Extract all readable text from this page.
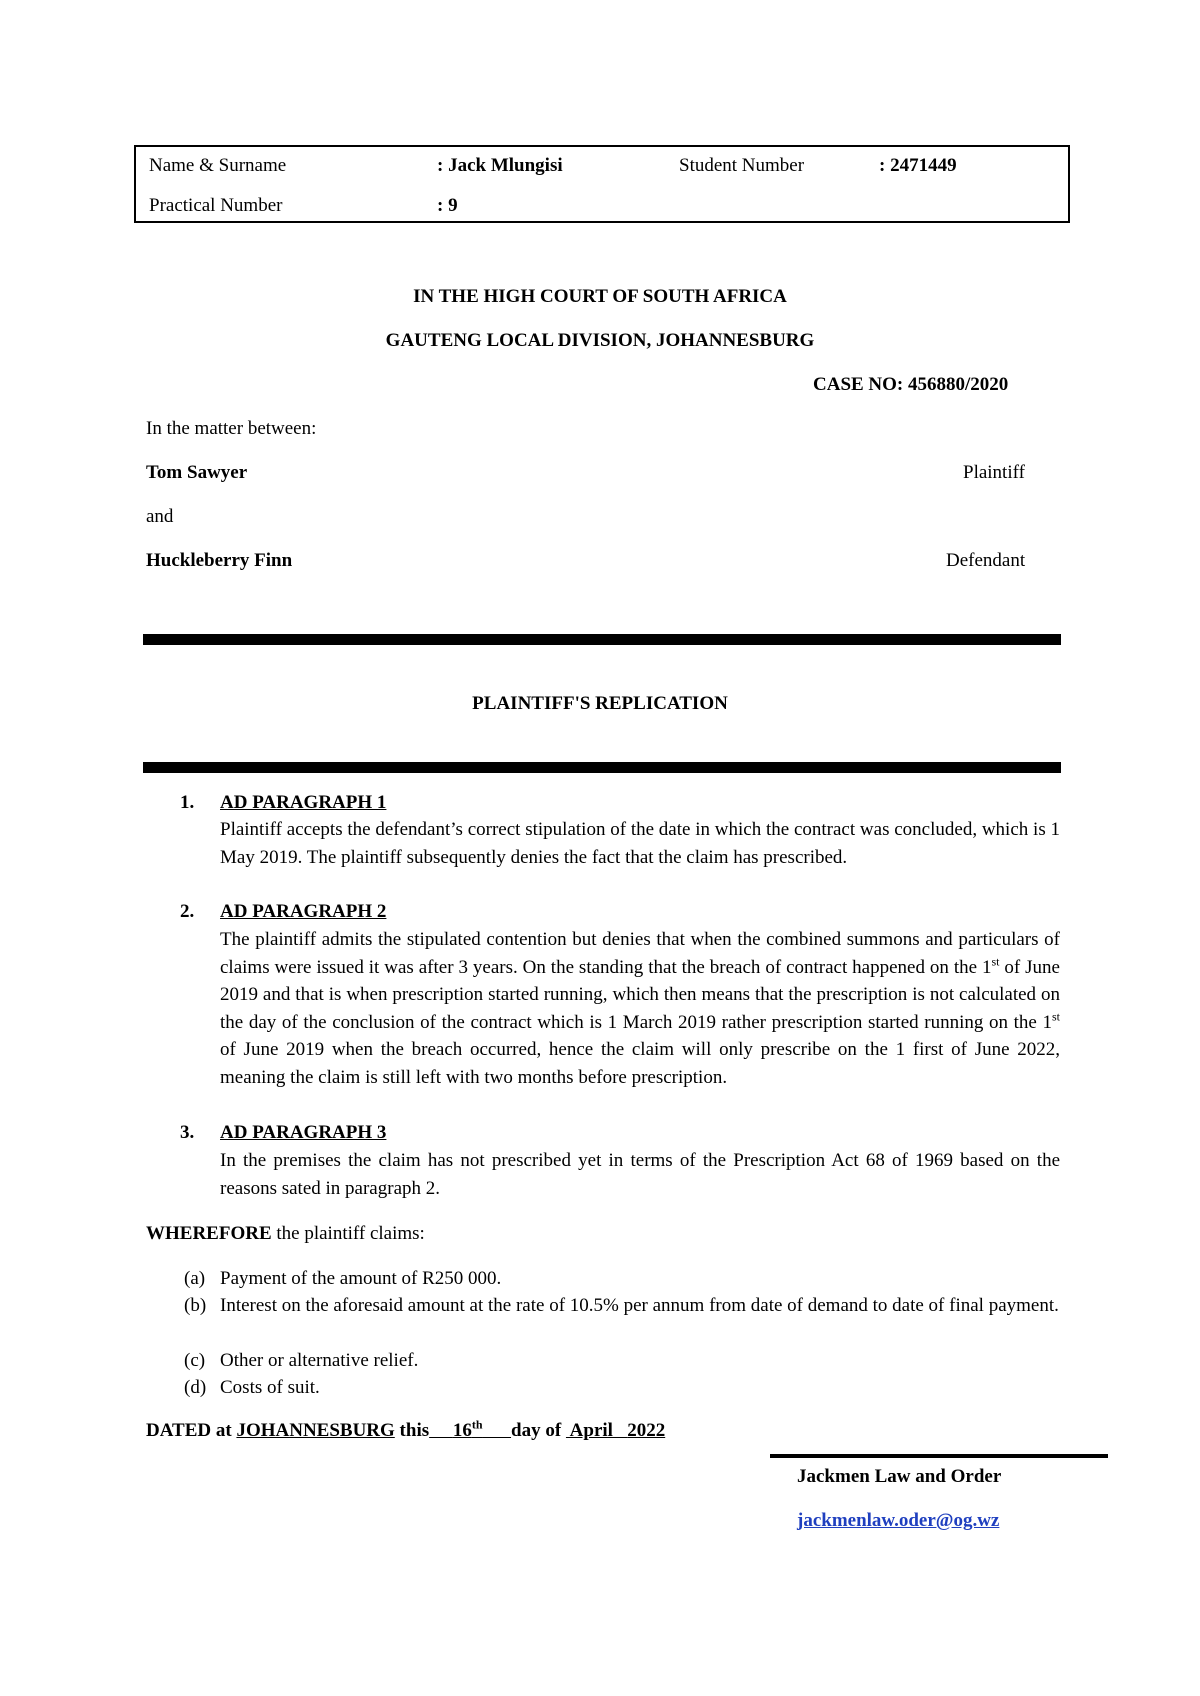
Name & Surname	: Jack Mlungisi	Student Number	: 2471449
Practical Number	: 9
IN THE HIGH COURT OF SOUTH AFRICA
GAUTENG LOCAL DIVISION, JOHANNESBURG
CASE NO: 456880/2020
In the matter between:
Tom Sawyer	Plaintiff
and
Huckleberry Finn	Defendant
PLAINTIFF'S REPLICATION
1. AD PARAGRAPH 1
Plaintiff accepts the defendant’s correct stipulation of the date in which the contract was concluded, which is 1 May 2019. The plaintiff subsequently denies the fact that the claim has prescribed.
2. AD PARAGRAPH 2
The plaintiff admits the stipulated contention but denies that when the combined summons and particulars of claims were issued it was after 3 years. On the standing that the breach of contract happened on the 1st of June 2019 and that is when prescription started running, which then means that the prescription is not calculated on the day of the conclusion of the contract which is 1 March 2019 rather prescription started running on the 1st of June 2019 when the breach occurred, hence the claim will only prescribe on the 1 first of June 2022, meaning the claim is still left with two months before prescription.
3. AD PARAGRAPH 3
In the premises the claim has not prescribed yet in terms of the Prescription Act 68 of 1969 based on the reasons sated in paragraph 2.
WHEREFORE the plaintiff claims:
(a) Payment of the amount of R250 000.
(b) Interest on the aforesaid amount at the rate of 10.5% per annum from date of demand to date of final payment.
(c) Other or alternative relief.
(d) Costs of suit.
DATED at JOHANNESBURG this 16th day of  April   2022
Jackmen Law and Order
jackmenlaw.oder@og.wz
